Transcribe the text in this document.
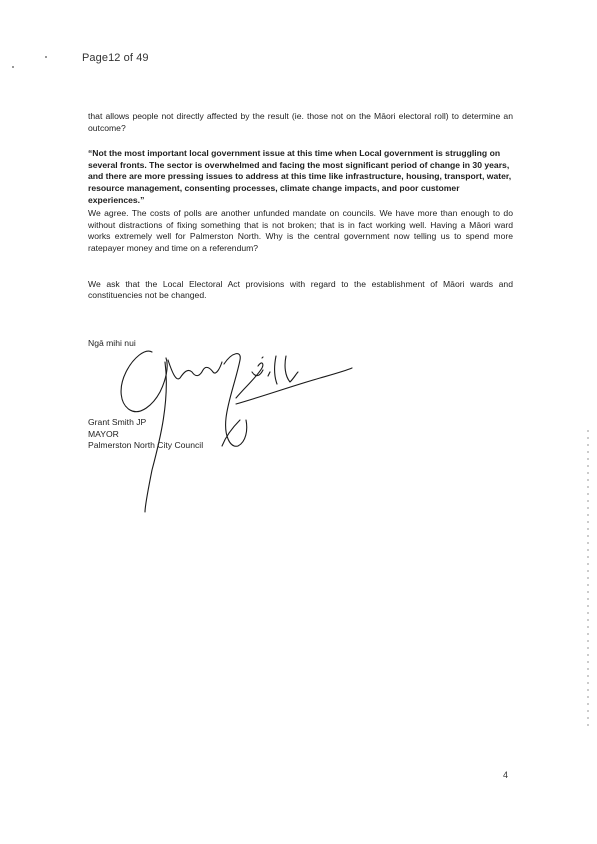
Page12 of 49

that allows people not directly affected by the result (ie. those not on the Māori electoral roll) to determine an outcome?

“Not the most important local government issue at this time when Local government is struggling on several fronts. The sector is overwhelmed and facing the most significant period of change in 30 years, and there are more pressing issues to address at this time like infrastructure, housing, transport, water, resource management, consenting processes, climate change impacts, and poor customer experiences.”

We agree. The costs of polls are another unfunded mandate on councils. We have more than enough to do without distractions of fixing something that is not broken; that is in fact working well. Having a Māori ward works extremely well for Palmerston North. Why is the central government now telling us to spend more ratepayer money and time on a referendum?

We ask that the Local Electoral Act provisions with regard to the establishment of Māori wards and constituencies not be changed.

Ngā mihi nui
Grant Smith JP
MAYOR
Palmerston North City Council
4
